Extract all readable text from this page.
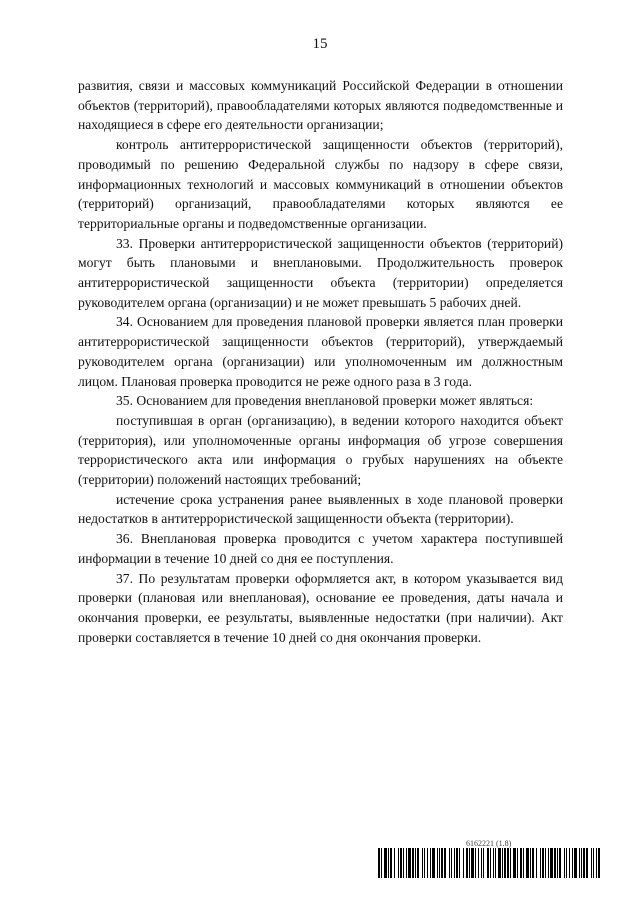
15

развития, связи и массовых коммуникаций Российской Федерации в отношении объектов (территорий), правообладателями которых являются подведомственные и находящиеся в сфере его деятельности организации;

контроль антитеррористической защищенности объектов (территорий), проводимый по решению Федеральной службы по надзору в сфере связи, информационных технологий и массовых коммуникаций в отношении объектов (территорий) организаций, правообладателями которых являются ее территориальные органы и подведомственные организации.

33. Проверки антитеррористической защищенности объектов (территорий) могут быть плановыми и внеплановыми. Продолжительность проверок антитеррористической защищенности объекта (территории) определяется руководителем органа (организации) и не может превышать 5 рабочих дней.

34. Основанием для проведения плановой проверки является план проверки антитеррористической защищенности объектов (территорий), утверждаемый руководителем органа (организации) или уполномоченным им должностным лицом. Плановая проверка проводится не реже одного раза в 3 года.

35. Основанием для проведения внеплановой проверки может являться:

поступившая в орган (организацию), в ведении которого находится объект (территория), или уполномоченные органы информация об угрозе совершения террористического акта или информация о грубых нарушениях на объекте (территории) положений настоящих требований;

истечение срока устранения ранее выявленных в ходе плановой проверки недостатков в антитеррористической защищенности объекта (территории).

36. Внеплановая проверка проводится с учетом характера поступившей информации в течение 10 дней со дня ее поступления.

37. По результатам проверки оформляется акт, в котором указывается вид проверки (плановая или внеплановая), основание ее проведения, даты начала и окончания проверки, ее результаты, выявленные недостатки (при наличии). Акт проверки составляется в течение 10 дней со дня окончания проверки.

6162221 (1.8)
